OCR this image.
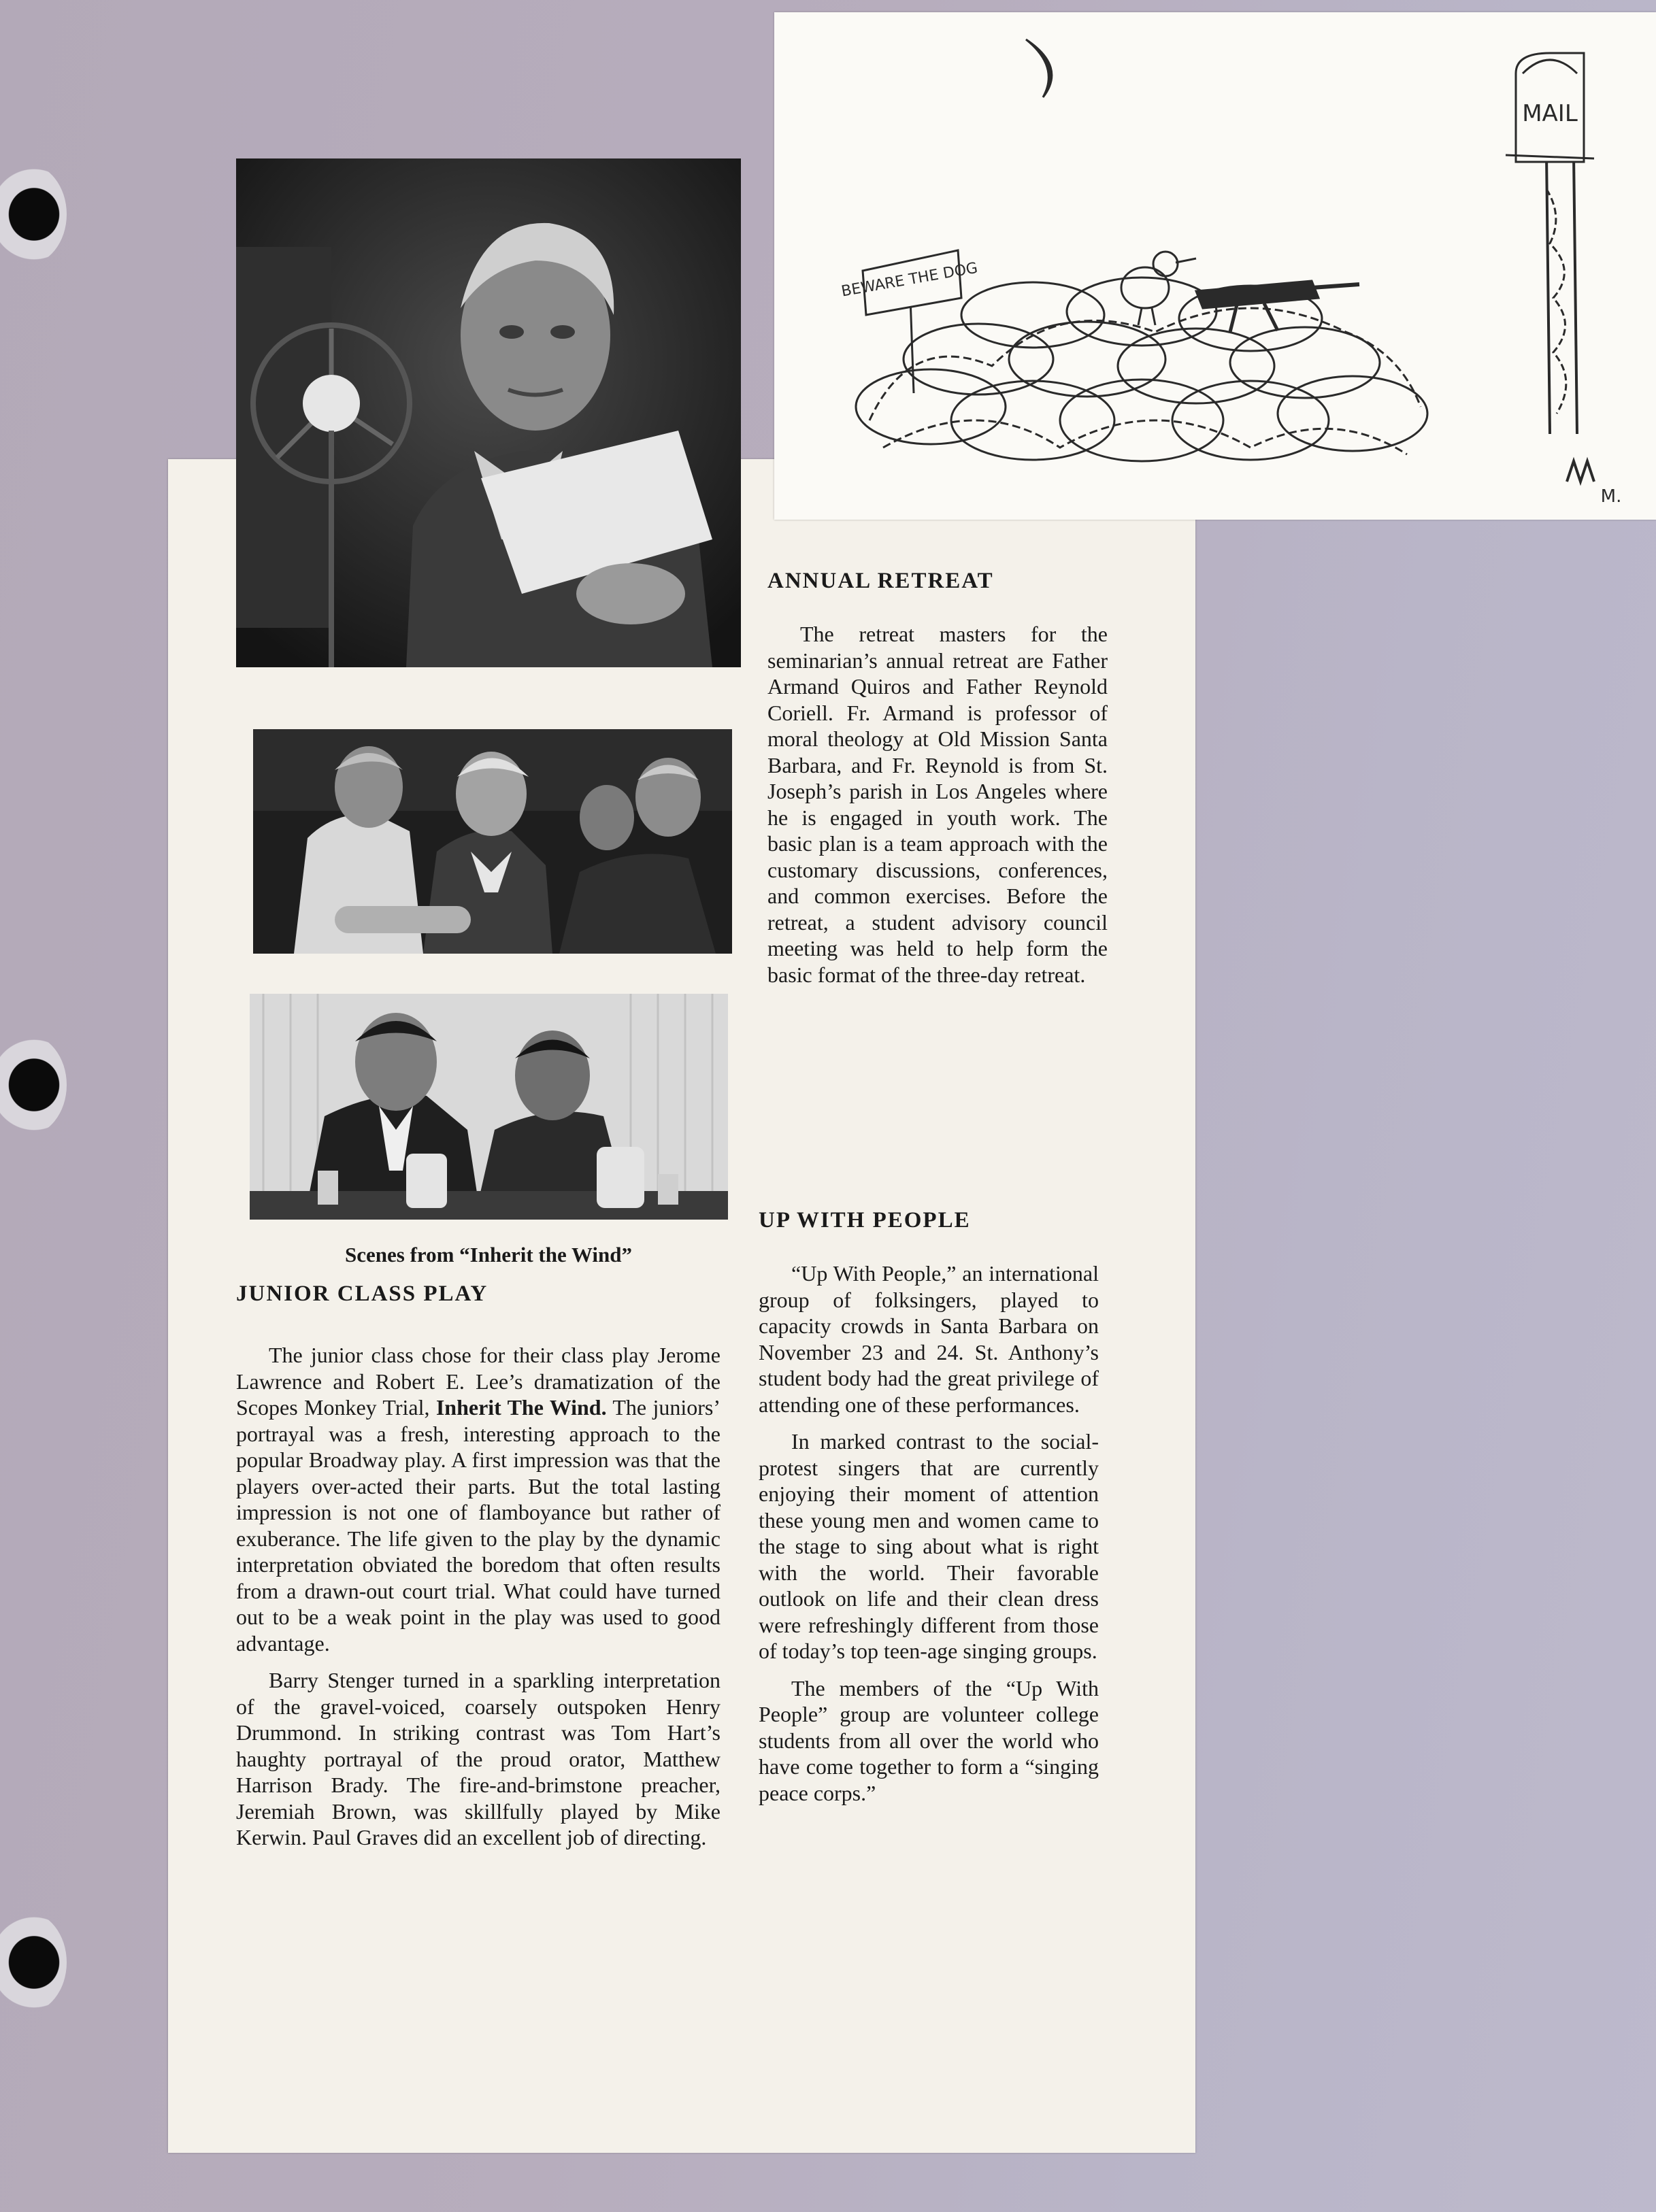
BEWARE THE DOG
MAIL
M.
Scenes from “Inherit the Wind”
JUNIOR CLASS PLAY

The junior class chose for their class play Jerome Lawrence and Robert E. Lee’s dramatization of the Scopes Monkey Trial, Inherit The Wind. The juniors’ portrayal was a fresh, interesting approach to the popular Broadway play. A first impression was that the players over-acted their parts. But the total lasting impression is not one of flamboyance but rather of exuberance. The life given to the play by the dynamic interpretation obviated the boredom that often results from a drawn-out court trial. What could have turned out to be a weak point in the play was used to good advantage.

Barry Stenger turned in a sparkling interpretation of the gravel-voiced, coarsely outspoken Henry Drummond. In striking contrast was Tom Hart’s haughty portrayal of the proud orator, Matthew Harrison Brady. The fire-and-brimstone preacher, Jeremiah Brown, was skillfully played by Mike Kerwin. Paul Graves did an excellent job of directing.

ANNUAL RETREAT

The retreat masters for the seminarian’s annual retreat are Father Armand Quiros and Father Reynold Coriell. Fr. Armand is professor of moral theology at Old Mission Santa Barbara, and Fr. Reynold is from St. Joseph’s parish in Los Angeles where he is engaged in youth work. The basic plan is a team approach with the customary discussions, conferences, and common exercises. Before the retreat, a student advisory council meeting was held to help form the basic format of the three-day retreat.

UP WITH PEOPLE

“Up With People,” an international group of folksingers, played to capacity crowds in Santa Barbara on November 23 and 24. St. Anthony’s student body had the great privilege of attending one of these performances.

In marked contrast to the social-protest singers that are currently enjoying their moment of attention these young men and women came to the stage to sing about what is right with the world. Their favorable outlook on life and their clean dress were refreshingly different from those of today’s top teen-age singing groups.

The members of the “Up With People” group are volunteer college students from all over the world who have come together to form a “singing peace corps.”
